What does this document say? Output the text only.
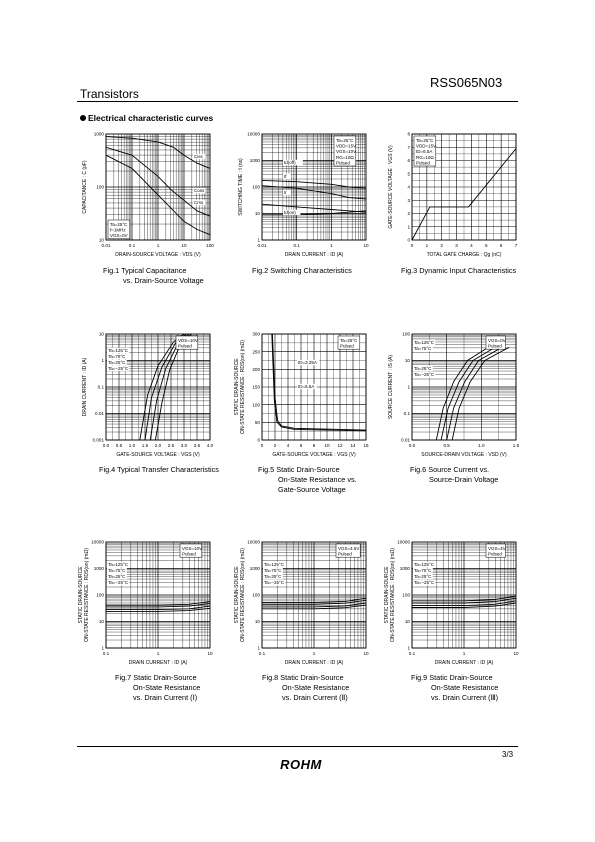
RSS065N03
Transistors
Electrical characteristic curves
0.01	0.1	1	10	100
1000
100
10
DRAIN-SOURCE VOLTAGE : VDS (V)
CAPACITANCE : C (pF)
Ta=25°C
f=1MHz
VGS=0V
Ciss
Coss
Crss
0.01	0.1	1	10
10000
1000
100
10
1
DRAIN CURRENT : ID (A)
SWITCHING TIME : t (ns)
Ta=25°C
VDD=15V
VGS=10V
RG=10Ω
Pulsed
td(off)
tf
tr
td(on)
0	1	2	3	4	5	6	7
8
7
6
5
4
3
2
1
0
TOTAL GATE CHARGE : Qg (nC)
GATE-SOURCE VOLTAGE : VGS (V)
Ta=25°C
VDD=15V
ID=6.5A
RG=10Ω
Pulsed
0.0 0.5 1.0 1.5 2.0 2.5 3.0 3.5 4.0
10
1
0.1
0.01
0.001
GATE-SOURCE VOLTAGE : VGS (V)
DRAIN CURRENT : ID (A)
VDS=10V
Pulsed
Ta=125°C
Ta=75°C
Ta=25°C
Ta=−25°C
0 2 4 6 8 10 12 14 16
300
250
200
150
100
50
0
GATE-SOURCE VOLTAGE : VGS (V)
STATIC DRAIN-SOURCE ON-STATE RESISTANCE : RDS(on) (mΩ)	Ta=25°C
Pulsed
ID=3.25A
ID=6.5A
0.0	0.5	1.0	1.5
100
10
1
0.1
0.01
SOURCE-DRAIN VOLTAGE : VSD (V)
SOURCE CURRENT : IS (A)
VGS=0V
Pulsed
Ta=125°C
Ta=75°C
Ta=25°C
Ta=−25°C
0.1	1	10
10000
1000
100
10
1
DRAIN CURRENT : ID (A)
STATIC DRAIN-SOURCE ON-STATE RESISTANCE : RDS(on) (mΩ)	VGS=10V
Pulsed
Ta=125°C
Ta=75°C
Ta=25°C
Ta=−25°C
0.1	1	10
10000
1000
100
10
1
DRAIN CURRENT : ID (A)
STATIC DRAIN-SOURCE ON-STATE RESISTANCE : RDS(on) (mΩ)	VGS=4.5V
Pulsed
Ta=125°C
Ta=75°C
Ta=25°C
Ta=−25°C
0.1	1	10
10000
1000
100
10
1
DRAIN CURRENT : ID (A)
STATIC DRAIN-SOURCE ON-STATE RESISTANCE : RDS(on) (mΩ)	VGS=4V
Pulsed
Ta=125°C
Ta=75°C
Ta=25°C
Ta=−25°C
Fig.1 Typical Capacitance
vs. Drain-Source Voltage
Fig.2 Switching Characteristics	Fig.3 Dynamic Input Characteristics
Fig.4 Typical Transfer Characteristics	Fig.5 Static Drain-Source
On-State Resistance vs.
Gate-Source Voltage
Fig.6 Source Current vs.
Source-Drain Voltage
Fig.7 Static Drain-Source
On-State Resistance
vs. Drain Current (Ⅰ)
Fig.8 Static Drain-Source
On-State Resistance
vs. Drain Current (Ⅱ)
Fig.9 Static Drain-Source
On-State Resistance
vs. Drain Current (Ⅲ)
3/3
ROHM
